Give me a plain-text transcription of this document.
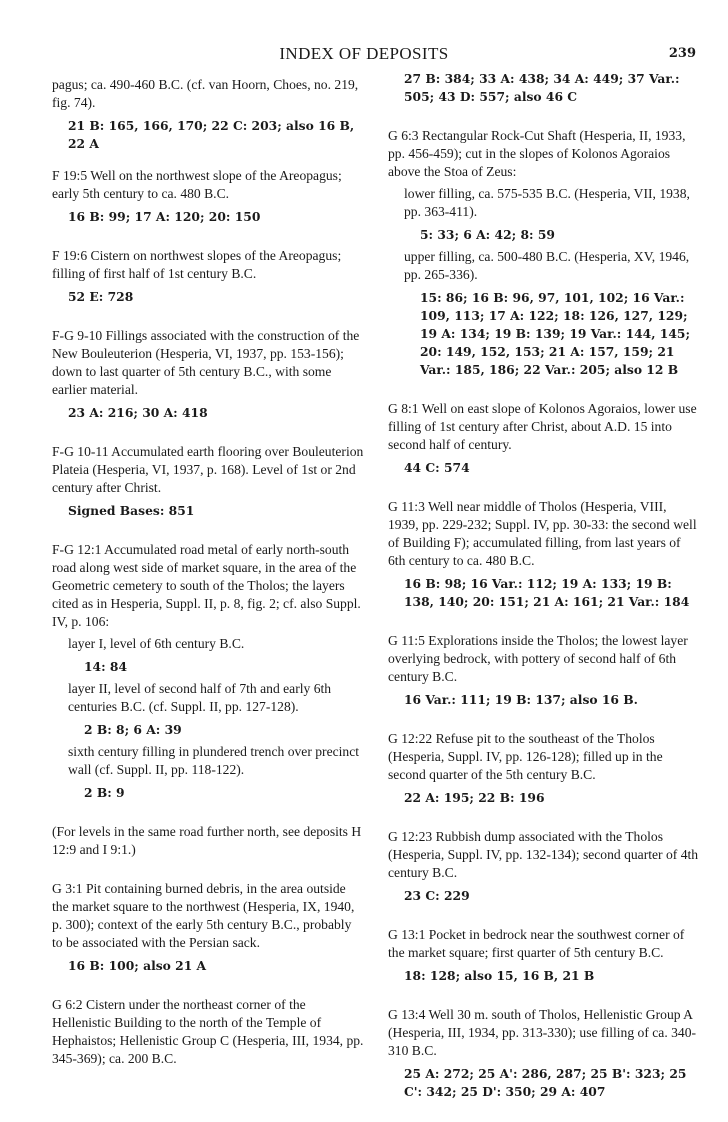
INDEX OF DEPOSITS	239

pagus; ca. 490-460 B.C. (cf. van Hoorn, Choes, no. 219, fig. 74).

21 B: 165, 166, 170; 22 C: 203; also 16 B, 22 A

F 19:5 Well on the northwest slope of the Areopagus; early 5th century to ca. 480 B.C.

16 B: 99; 17 A: 120; 20: 150

F 19:6 Cistern on northwest slopes of the Areopagus; filling of first half of 1st century B.C.

52 E: 728

F-G 9-10 Fillings associated with the construction of the New Bouleuterion (Hesperia, VI, 1937, pp. 153-156); down to last quarter of 5th century B.C., with some earlier material.

23 A: 216; 30 A: 418

F-G 10-11 Accumulated earth flooring over Bouleuterion Plateia (Hesperia, VI, 1937, p. 168). Level of 1st or 2nd century after Christ.

Signed Bases: 851

F-G 12:1 Accumulated road metal of early north-south road along west side of market square, in the area of the Geometric cemetery to south of the Tholos; the layers cited as in Hesperia, Suppl. II, p. 8, fig. 2; cf. also Suppl. IV, p. 106:

layer I, level of 6th century B.C.

14: 84

layer II, level of second half of 7th and early 6th centuries B.C. (cf. Suppl. II, pp. 127-128).

2 B: 8; 6 A: 39

sixth century filling in plundered trench over precinct wall (cf. Suppl. II, pp. 118-122).

2 B: 9

(For levels in the same road further north, see deposits H 12:9 and I 9:1.)

G 3:1 Pit containing burned debris, in the area outside the market square to the northwest (Hesperia, IX, 1940, p. 300); context of the early 5th century B.C., probably to be associated with the Persian sack.

16 B: 100; also 21 A

G 6:2 Cistern under the northeast corner of the Hellenistic Building to the north of the Temple of Hephaistos; Hellenistic Group C (Hesperia, III, 1934, pp. 345-369); ca. 200 B.C.

27 B: 384; 33 A: 438; 34 A: 449; 37 Var.: 505; 43 D: 557; also 46 C

G 6:3 Rectangular Rock-Cut Shaft (Hesperia, II, 1933, pp. 456-459); cut in the slopes of Kolonos Agoraios above the Stoa of Zeus:

lower filling, ca. 575-535 B.C. (Hesperia, VII, 1938, pp. 363-411).

5: 33; 6 A: 42; 8: 59

upper filling, ca. 500-480 B.C. (Hesperia, XV, 1946, pp. 265-336).

15: 86; 16 B: 96, 97, 101, 102; 16 Var.: 109, 113; 17 A: 122; 18: 126, 127, 129; 19 A: 134; 19 B: 139; 19 Var.: 144, 145; 20: 149, 152, 153; 21 A: 157, 159; 21 Var.: 185, 186; 22 Var.: 205; also 12 B

G 8:1 Well on east slope of Kolonos Agoraios, lower use filling of 1st century after Christ, about A.D. 15 into second half of century.

44 C: 574

G 11:3 Well near middle of Tholos (Hesperia, VIII, 1939, pp. 229-232; Suppl. IV, pp. 30-33: the second well of Building F); accumulated filling, from last years of 6th century to ca. 480 B.C.

16 B: 98; 16 Var.: 112; 19 A: 133; 19 B: 138, 140; 20: 151; 21 A: 161; 21 Var.: 184

G 11:5 Explorations inside the Tholos; the lowest layer overlying bedrock, with pottery of second half of 6th century B.C.

16 Var.: 111; 19 B: 137; also 16 B.

G 12:22 Refuse pit to the southeast of the Tholos (Hesperia, Suppl. IV, pp. 126-128); filled up in the second quarter of the 5th century B.C.

22 A: 195; 22 B: 196

G 12:23 Rubbish dump associated with the Tholos (Hesperia, Suppl. IV, pp. 132-134); second quarter of 4th century B.C.

23 C: 229

G 13:1 Pocket in bedrock near the southwest corner of the market square; first quarter of 5th century B.C.

18: 128; also 15, 16 B, 21 B

G 13:4 Well 30 m. south of Tholos, Hellenistic Group A (Hesperia, III, 1934, pp. 313-330); use filling of ca. 340-310 B.C.

25 A: 272; 25 A': 286, 287; 25 B': 323; 25 C': 342; 25 D': 350; 29 A: 407
